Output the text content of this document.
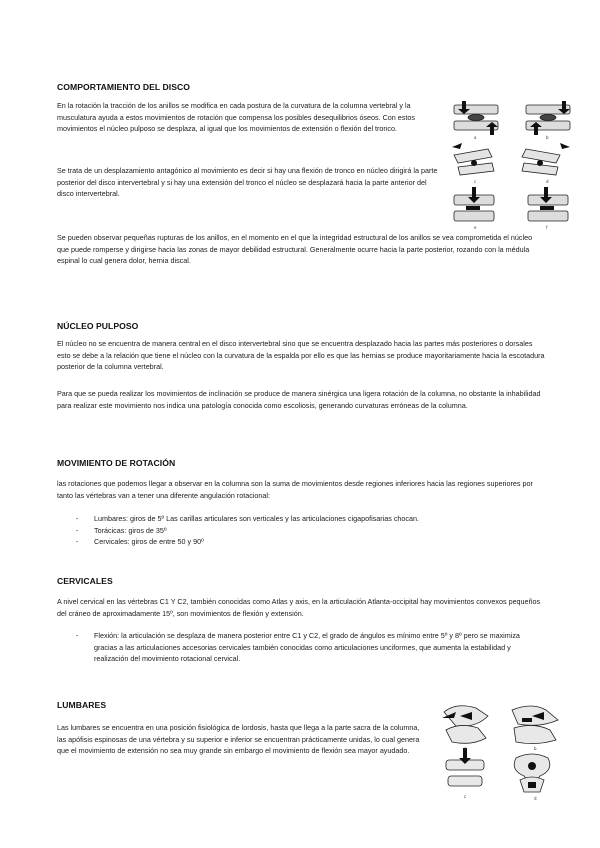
COMPORTAMIENTO DEL DISCO

En la rotación la tracción de los anillos se modifica en cada postura de la curvatura de la columna vertebral y la musculatura ayuda a estos movimientos de rotación que compensa los posibles desequilibrios óseos. Con estos movimientos el núcleo pulposo se desplaza, al igual que los movimientos de extensión o flexión del tronco.

Se trata de un desplazamiento antagónico al movimiento es decir si hay una flexión de tronco en núcleo dirigirá la parte posterior del disco intervertebral y si hay una extensión del tronco el núcleo se desplazará hacia la parte anterior del disco intervertebral.

Se pueden observar pequeñas rupturas de los anillos, en el momento en el que la integridad estructural de los anillos se vea comprometida el núcleo que puede romperse y dirigirse hacia las zonas de mayor debilidad estructural. Generalmente ocurre hacia la parte posterior, rozando con la médula espinal lo cual genera dolor, hernia discal.

a	b
c	d
e	f
NÚCLEO PULPOSO

El núcleo no se encuentra de manera central en el disco intervertebral sino que se encuentra desplazado hacia las partes más posteriores o dorsales esto se debe a la relación que tiene el núcleo con la curvatura de la espalda por ello es que las hernias se produce mayoritariamente hacia la escotadura posterior de la columna vertebral.

Para que se pueda realizar los movimientos de inclinación se produce de manera sinérgica una ligera rotación de la columna, no obstante la inhabilidad para realizar este movimiento nos indica una patología conocida como escoliosis, generando curvaturas erróneas de la columna.

MOVIMIENTO DE ROTACIÓN

las rotaciones que podemos llegar a observar en la columna son la suma de movimientos desde regiones inferiores hacia las regiones superiores por tanto las vértebras van a tener una diferente angulación rotacional:

- Lumbares: giros de 5º Las carillas articulares son verticales y las articulaciones cigapofisarias chocan.
- Torácicas: giros de 35º
- Cervicales: giros de entre 50 y 90º
CERVICALES

A nivel cervical en las vértebras C1 Y C2, también conocidas como Atlas y axis, en la articulación Atlanta-occipital hay movimientos convexos pequeños del cráneo de aproximadamente 15º, son movimientos de flexión y extensión.

- Flexión: la articulación se desplaza de manera posterior entre C1 y C2, el grado de ángulos es mínimo entre 5º y 8º pero se maximiza gracias a las articulaciones accesorias cervicales también conocidas como articulaciones unciformes, que aumenta la estabilidad y realización del movimiento rotacional cervical.
LUMBARES

Las lumbares se encuentra en una posición fisiológica de lordosis, hasta que llega a la parte sacra de la columna, las apófisis espinosas de una vértebra y su superior e inferior se encuentran prácticamente unidas, lo cual genera que el movimiento de extensión no sea muy grande sin embargo el movimiento de flexión sea mayor ayudado.	a	b
c	d
